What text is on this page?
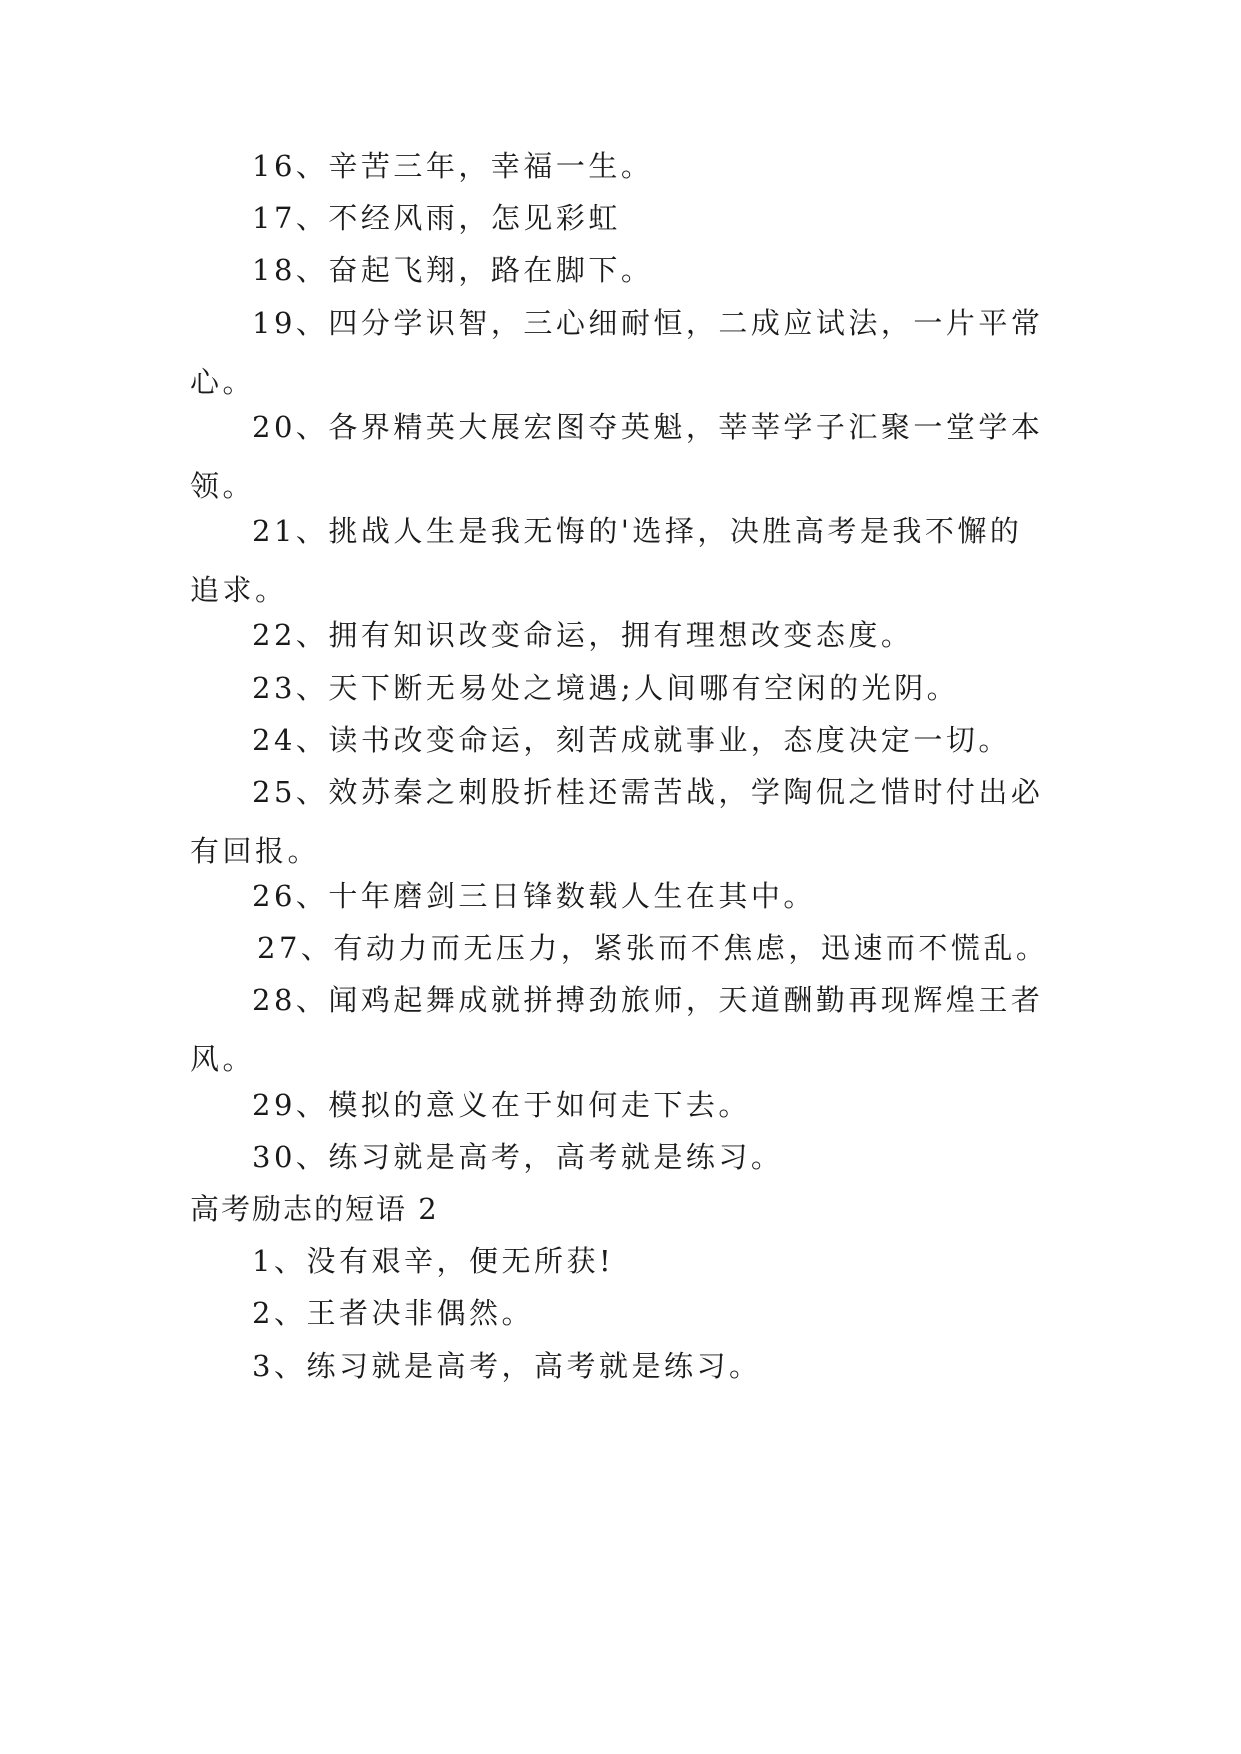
16、辛苦三年，幸福一生。

17、不经风雨，怎见彩虹

18、奋起飞翔，路在脚下。

19、四分学识智，三心细耐恒，二成应试法，一片平常心。

20、各界精英大展宏图夺英魁，莘莘学子汇聚一堂学本领。

21、挑战人生是我无悔的'选择，决胜高考是我不懈的追求。

22、拥有知识改变命运，拥有理想改变态度。

23、天下断无易处之境遇;人间哪有空闲的光阴。

24、读书改变命运，刻苦成就事业，态度决定一切。

25、效苏秦之刺股折桂还需苦战，学陶侃之惜时付出必有回报。

26、十年磨剑三日锋数载人生在其中。

27、有动力而无压力，紧张而不焦虑，迅速而不慌乱。

28、闻鸡起舞成就拼搏劲旅师，天道酬勤再现辉煌王者风。

29、模拟的意义在于如何走下去。

30、练习就是高考，高考就是练习。

高考励志的短语 2

1、没有艰辛，便无所获!

2、王者决非偶然。

3、练习就是高考，高考就是练习。
